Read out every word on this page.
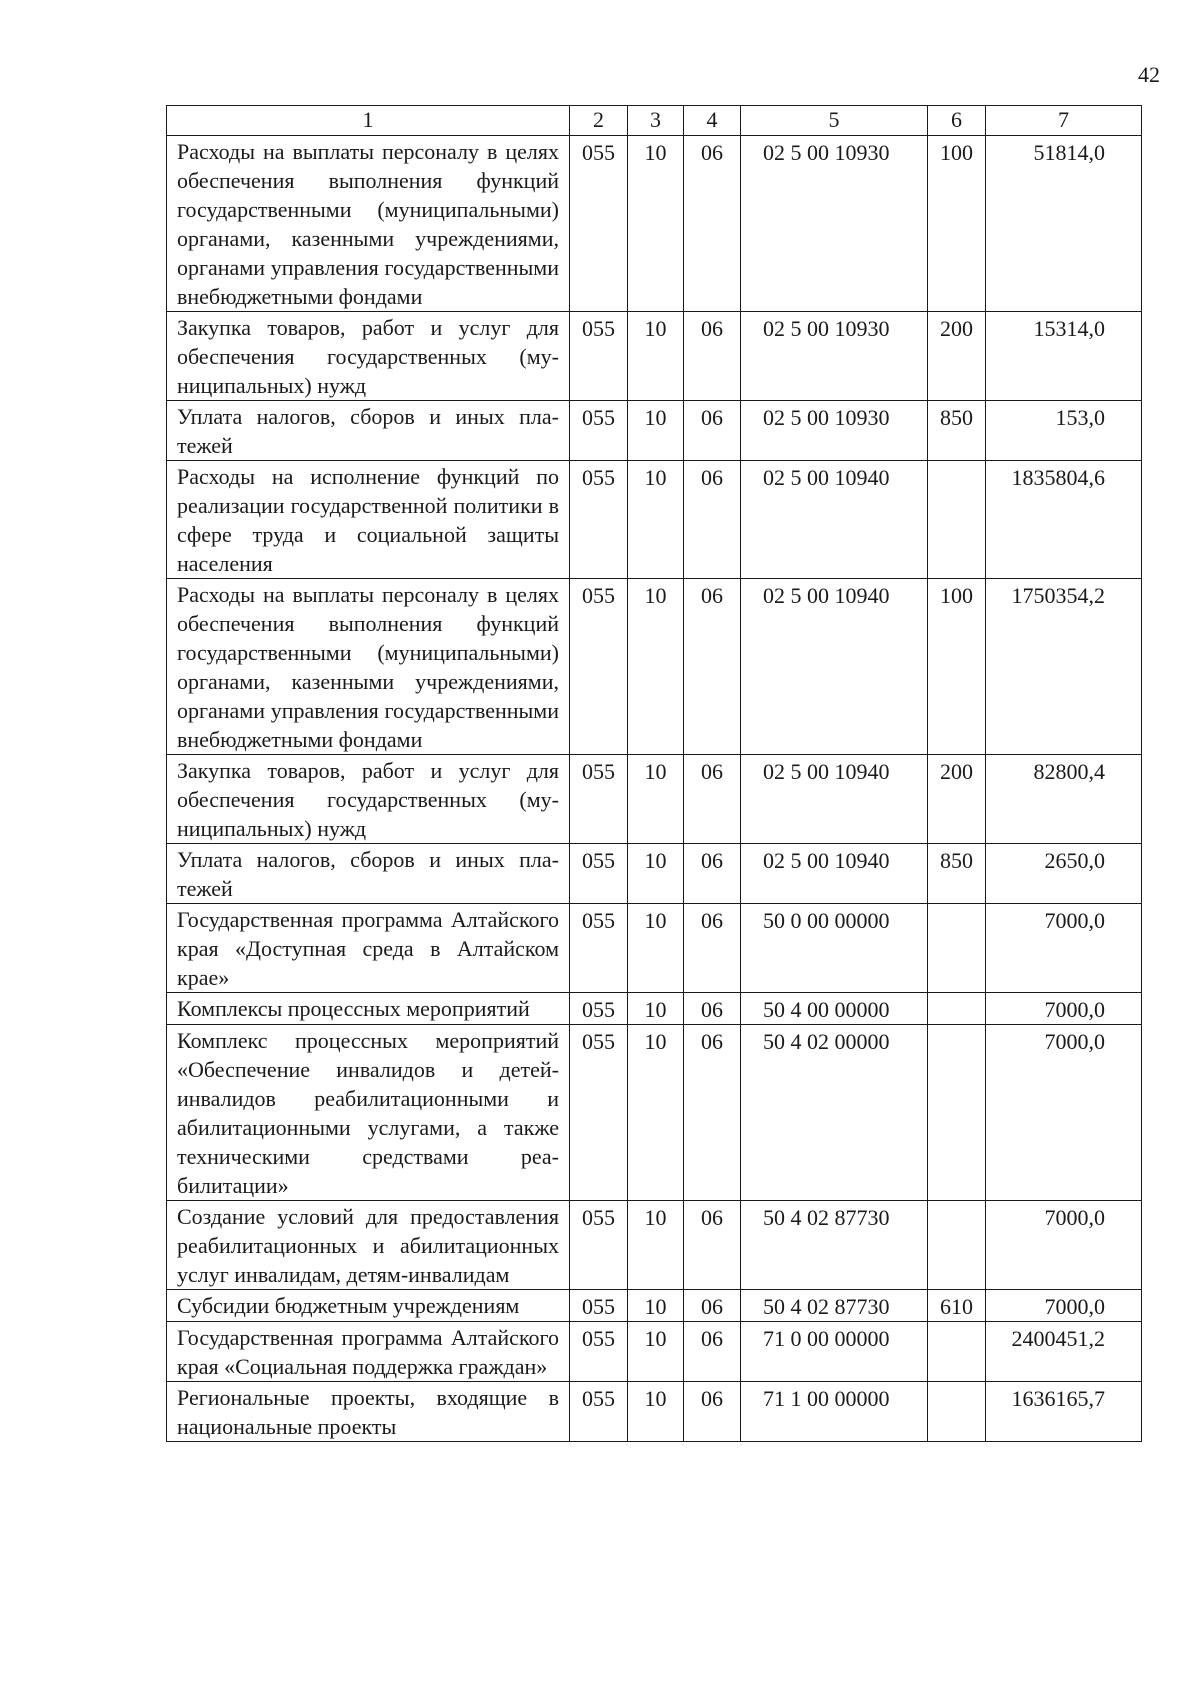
42
1	2	3	4	5	6	7
Расходы на выплаты персоналу в целях обеспечения выполнения функций государственными (муниципальными) органами, казенными учреждениями, органами управления государственными внебюджетными фондами	055	10	06	02 5 00 10930	100	51814,0
Закупка товаров, работ и услуг для обеспечения государственных (муниципальных) нужд	055	10	06	02 5 00 10930	200	15314,0
Уплата налогов, сборов и иных платежей	055	10	06	02 5 00 10930	850	153,0
Расходы на исполнение функций по реализации государственной политики в сфере труда и социальной защиты населения	055	10	06	02 5 00 10940		1835804,6
Расходы на выплаты персоналу в целях обеспечения выполнения функций государственными (муниципальными) органами, казенными учреждениями, органами управления государственными внебюджетными фондами	055	10	06	02 5 00 10940	100	1750354,2
Закупка товаров, работ и услуг для обеспечения государственных (муниципальных) нужд	055	10	06	02 5 00 10940	200	82800,4
Уплата налогов, сборов и иных платежей	055	10	06	02 5 00 10940	850	2650,0
Государственная программа Алтайского края «Доступная среда в Алтайском крае»	055	10	06	50 0 00 00000		7000,0
Комплексы процессных мероприятий	055	10	06	50 4 00 00000		7000,0
Комплекс процессных мероприятий «Обеспечение инвалидов и детей-инвалидов реабилитационными и абилитационными услугами, а также техническими средствами реабилитации»	055	10	06	50 4 02 00000		7000,0
Создание условий для предоставления реабилитационных и абилитационных услуг инвалидам, детям-инвалидам	055	10	06	50 4 02 87730		7000,0
Субсидии бюджетным учреждениям	055	10	06	50 4 02 87730	610	7000,0
Государственная программа Алтайского края «Социальная поддержка граждан»	055	10	06	71 0 00 00000		2400451,2
Региональные проекты, входящие в национальные проекты	055	10	06	71 1 00 00000		1636165,7
